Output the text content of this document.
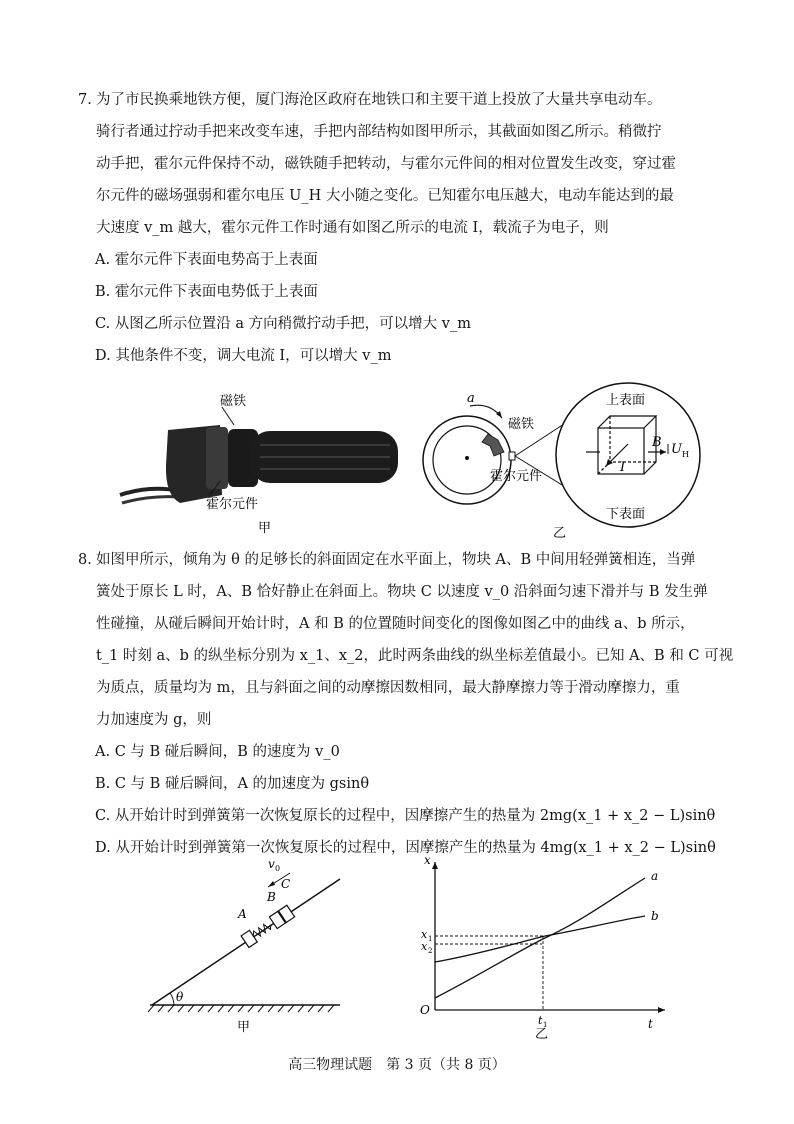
7. 为了市民换乘地铁方便，厦门海沧区政府在地铁口和主要干道上投放了大量共享电动车。
骑行者通过拧动手把来改变车速，手把内部结构如图甲所示，其截面如图乙所示。稍微拧
动手把，霍尔元件保持不动，磁铁随手把转动，与霍尔元件间的相对位置发生改变，穿过霍
尔元件的磁场强弱和霍尔电压 U_H 大小随之变化。已知霍尔电压越大，电动车能达到的最
大速度 v_m 越大，霍尔元件工作时通有如图乙所示的电流 I，载流子为电子，则
A. 霍尔元件下表面电势高于上表面
B. 霍尔元件下表面电势低于上表面
C. 从图乙所示位置沿 a 方向稍微拧动手把，可以增大 v_m
D. 其他条件不变，调大电流 I，可以增大 v_m
磁铁
霍尔元件
甲
a
磁铁
霍尔元件
上表面
下表面
B U H
I
乙
8. 如图甲所示，倾角为 θ 的足够长的斜面固定在水平面上，物块 A、B 中间用轻弹簧相连，当弹
簧处于原长 L 时，A、B 恰好静止在斜面上。物块 C 以速度 v_0 沿斜面匀速下滑并与 B 发生弹
性碰撞，从碰后瞬间开始计时，A 和 B 的位置随时间变化的图像如图乙中的曲线 a、b 所示，
t_1 时刻 a、b 的纵坐标分别为 x_1、x_2，此时两条曲线的纵坐标差值最小。已知 A、B 和 C 可视
为质点，质量均为 m，且与斜面之间的动摩擦因数相同，最大静摩擦力等于滑动摩擦力，重
力加速度为 g，则
A. C 与 B 碰后瞬间，B 的速度为 v_0
B. C 与 B 碰后瞬间，A 的加速度为 gsinθ
C. 从开始计时到弹簧第一次恢复原长的过程中，因摩擦产生的热量为 2mg(x_1 + x_2 − L)sinθ
D. 从开始计时到弹簧第一次恢复原长的过程中，因摩擦产生的热量为 4mg(x_1 + x_2 − L)sinθ
θ
A
B
C
v 0
甲
x
t
O
a
b
x 1
x 2
t 1
乙
高三物理试题　第 3 页（共 8 页）
